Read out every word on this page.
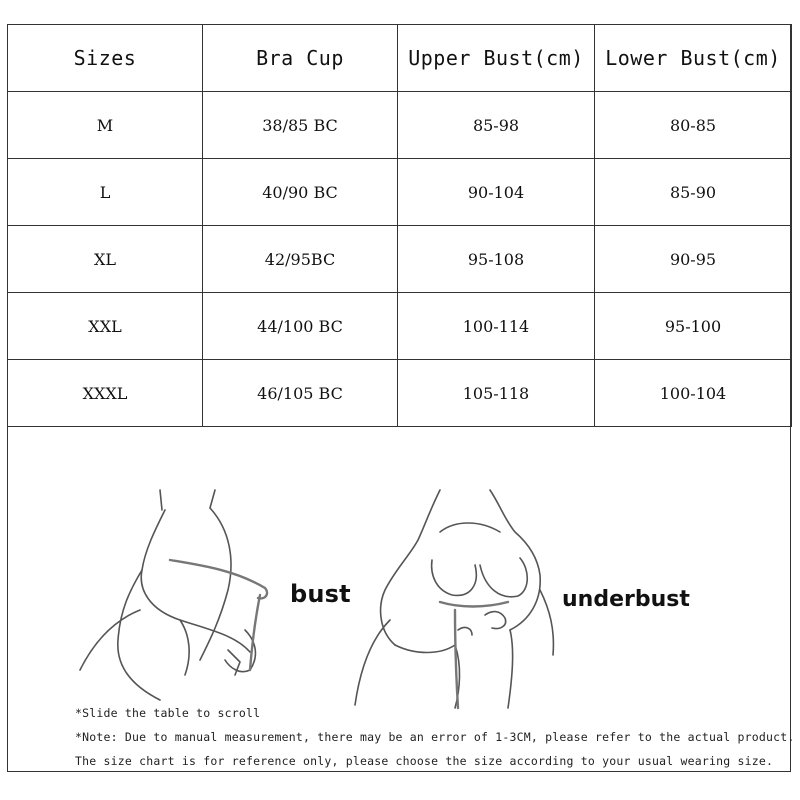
Sizes	Bra Cup	Upper Bust(cm)	Lower Bust(cm)
M	38/85 BC	85-98	80-85
L	40/90 BC	90-104	85-90
XL	42/95BC	95-108	90-95
XXL	44/100 BC	100-114	95-100
XXXL	46/105 BC	105-118	100-104
bust	underbust
*Slide the table to scroll
*Note: Due to manual measurement, there may be an error of 1-3CM, please refer to the actual product.
The size chart is for reference only, please choose the size according to your usual wearing size.
